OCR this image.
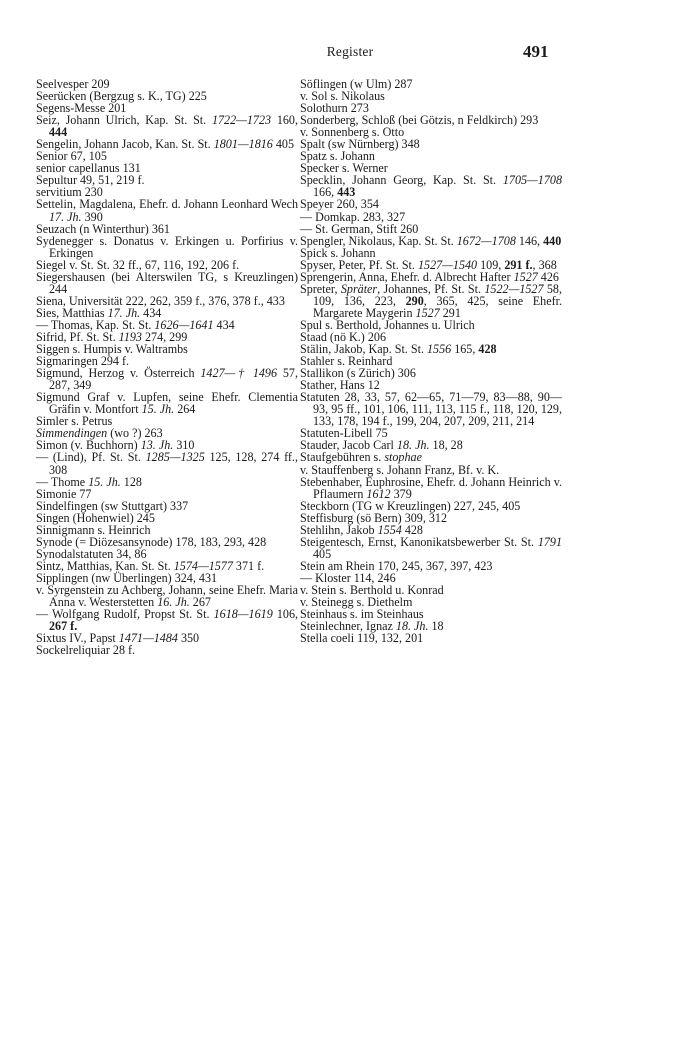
Register	491
Seelvesper 209
Seerücken (Bergzug s. K., TG) 225
Segens-Messe 201
Seiz, Johann Ulrich, Kap. St. St. 1722—1723 160, 444
Sengelin, Johann Jacob, Kan. St. St. 1801—1816 405
Senior 67, 105
senior capellanus 131
Sepultur 49, 51, 219 f.
servitium 230
Settelin, Magdalena, Ehefr. d. Johann Leonhard Wech 17. Jh. 390
Seuzach (n Winterthur) 361
Sydenegger s. Donatus v. Erkingen u. Porfirius v. Erkingen
Siegel v. St. St. 32 ff., 67, 116, 192, 206 f.
Siegershausen (bei Alterswilen TG, s Kreuzlingen) 244
Siena, Universität 222, 262, 359 f., 376, 378 f., 433
Sies, Matthias 17. Jh. 434
— Thomas, Kap. St. St. 1626—1641 434
Sifrid, Pf. St. St. 1193 274, 299
Siggen s. Humpis v. Waltrambs
Sigmaringen 294 f.
Sigmund, Herzog v. Österreich 1427—† 1496 57, 287, 349
Sigmund Graf v. Lupfen, seine Ehefr. Clementia Gräfin v. Montfort 15. Jh. 264
Simler s. Petrus
Simmendingen (wo ?) 263
Simon (v. Buchhorn) 13. Jh. 310
— (Lind), Pf. St. St. 1285—1325 125, 128, 274 ff., 308
— Thome 15. Jh. 128
Simonie 77
Sindelfingen (sw Stuttgart) 337
Singen (Hohenwiel) 245
Sinnigmann s. Heinrich
Synode (= Diözesansynode) 178, 183, 293, 428
Synodalstatuten 34, 86
Sintz, Matthias, Kan. St. St. 1574—1577 371 f.
Sipplingen (nw Überlingen) 324, 431
v. Syrgenstein zu Achberg, Johann, seine Ehefr. Maria Anna v. Westerstetten 16. Jh. 267
— Wolfgang Rudolf, Propst St. St. 1618—1619 106, 267 f.
Sixtus IV., Papst 1471—1484 350
Sockelreliquiar 28 f.
Söflingen (w Ulm) 287
v. Sol s. Nikolaus
Solothurn 273
Sonderberg, Schloß (bei Götzis, n Feldkirch) 293
v. Sonnenberg s. Otto
Spalt (sw Nürnberg) 348
Spatz s. Johann
Specker s. Werner
Specklin, Johann Georg, Kap. St. St. 1705—1708 166, 443
Speyer 260, 354
— Domkap. 283, 327
— St. German, Stift 260
Spengler, Nikolaus, Kap. St. St. 1672—1708 146, 440
Spick s. Johann
Spyser, Peter, Pf. St. St. 1527—1540 109, 291 f., 368
Sprengerin, Anna, Ehefr. d. Albrecht Hafter 1527 426
Spreter, Spräter, Johannes, Pf. St. St. 1522—1527 58, 109, 136, 223, 290, 365, 425, seine Ehefr. Margarete Maygerin 1527 291
Spul s. Berthold, Johannes u. Ulrich
Staad (nö K.) 206
Stälin, Jakob, Kap. St. St. 1556 165, 428
Stahler s. Reinhard
Stallikon (s Zürich) 306
Stather, Hans 12
Statuten 28, 33, 57, 62—65, 71—79, 83—88, 90—93, 95 ff., 101, 106, 111, 113, 115 f., 118, 120, 129, 133, 178, 194 f., 199, 204, 207, 209, 211, 214
Statuten-Libell 75
Stauder, Jacob Carl 18. Jh. 18, 28
Staufgebühren s. stophae
v. Stauffenberg s. Johann Franz, Bf. v. K.
Stebenhaber, Euphrosine, Ehefr. d. Johann Heinrich v. Pflaumern 1612 379
Steckborn (TG w Kreuzlingen) 227, 245, 405
Steffisburg (sö Bern) 309, 312
Stehlihn, Jakob 1554 428
Steigentesch, Ernst, Kanonikatsbewerber St. St. 1791 405
Stein am Rhein 170, 245, 367, 397, 423
— Kloster 114, 246
v. Stein s. Berthold u. Konrad
v. Steinegg s. Diethelm
Steinhaus s. im Steinhaus
Steinlechner, Ignaz 18. Jh. 18
Stella coeli 119, 132, 201
